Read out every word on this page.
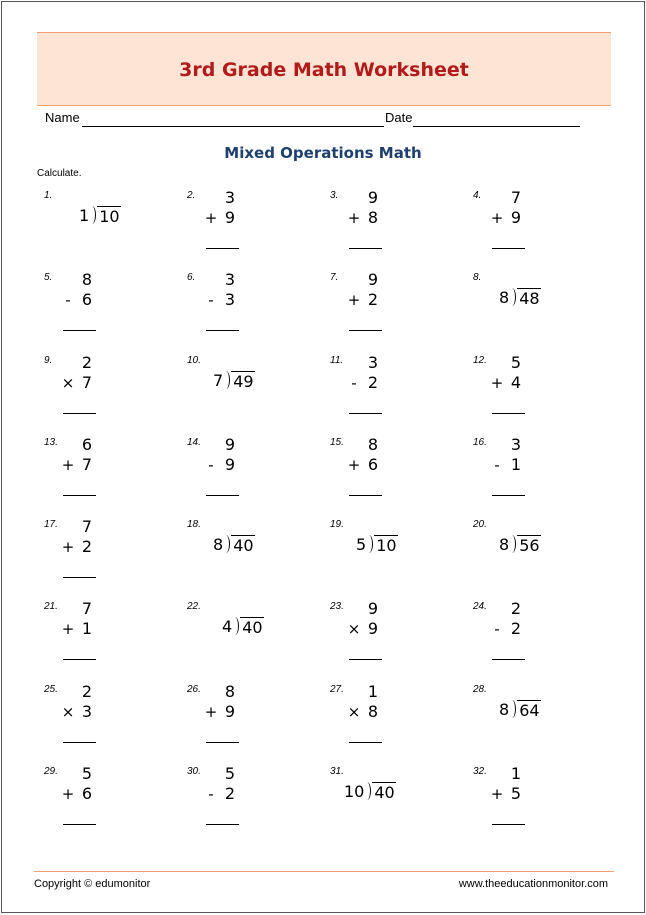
3rd Grade Math Worksheet
Name	Date
Mixed Operations Math
Calculate.
1.
1 10
2.	3
+ 9
3.	9
+ 8
4.	7
+ 9
5.	8
- 6
6.	3
- 3
7.	9
+ 2
8.
8 48
9.	2
× 7
10.
7 49
11.	3
- 2
12.	5
+ 4
13.	6
+ 7
14.	9
- 9
15.	8
+ 6
16.	3
- 1
17.	7
+ 2
18.
8 40
19.
5 10
20.
8 56
21.	7
+ 1
22.
4 40
23.	9
× 9
24.	2
- 2
25.	2
× 3
26.	8
+ 9
27.	1
× 8
28.
8 64
29.	5
+ 6
30.	5
- 2
31.
10 40
32.	1
+ 5
Copyright © edumonitor	www.theeducationmonitor.com
